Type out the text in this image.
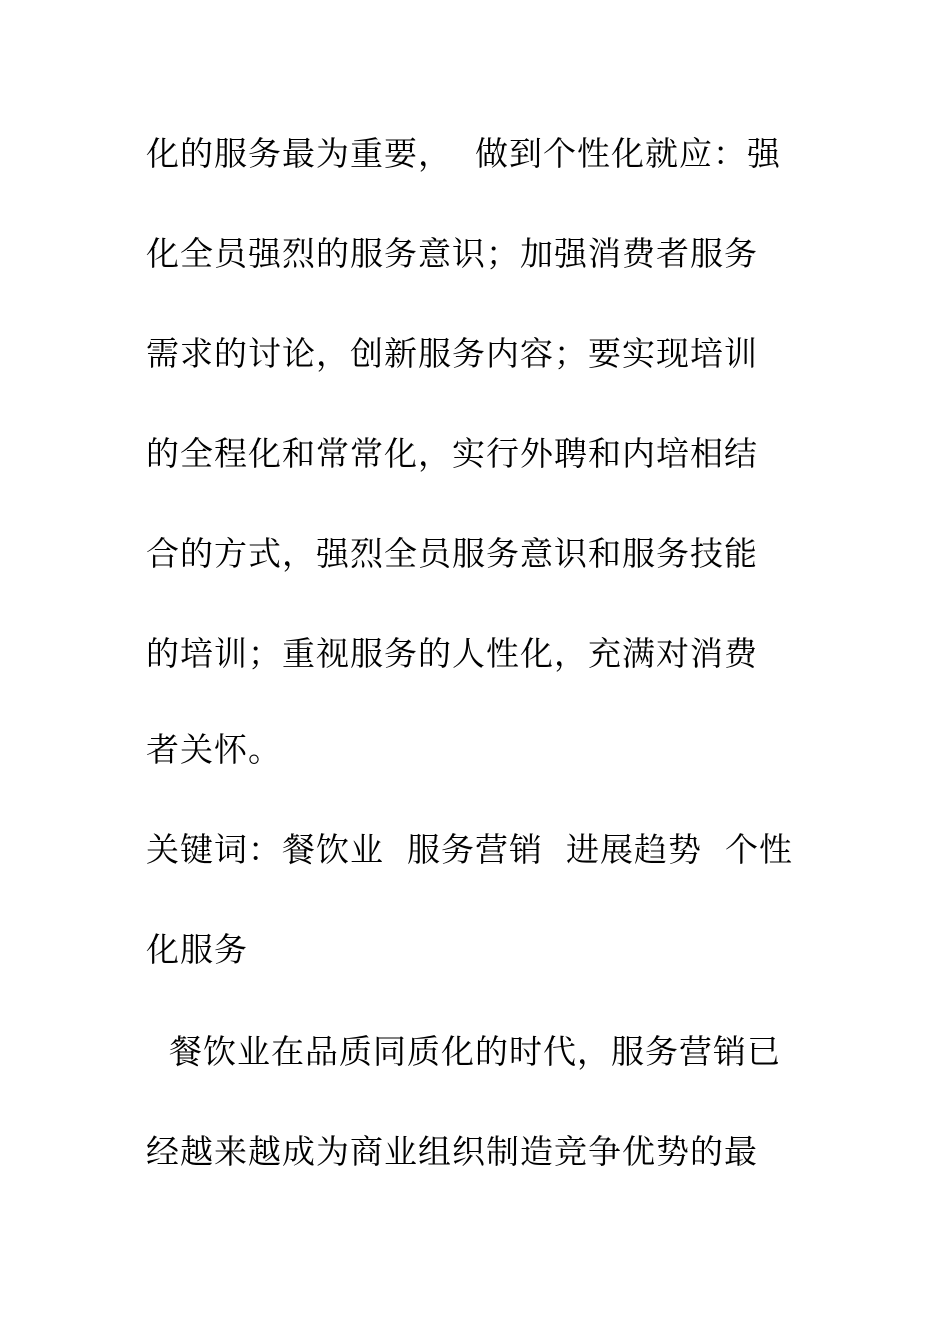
化的服务最为重要，  做到个性化就应：强
化全员强烈的服务意识；加强消费者服务
需求的讨论，创新服务内容；要实现培训
的全程化和常常化，实行外聘和内培相结
合的方式，强烈全员服务意识和服务技能
的培训；重视服务的人性化，充满对消费
者关怀。
关键词：餐饮业  服务营销  进展趋势  个性
化服务
餐饮业在品质同质化的时代，服务营销已
经越来越成为商业组织制造竞争优势的最
